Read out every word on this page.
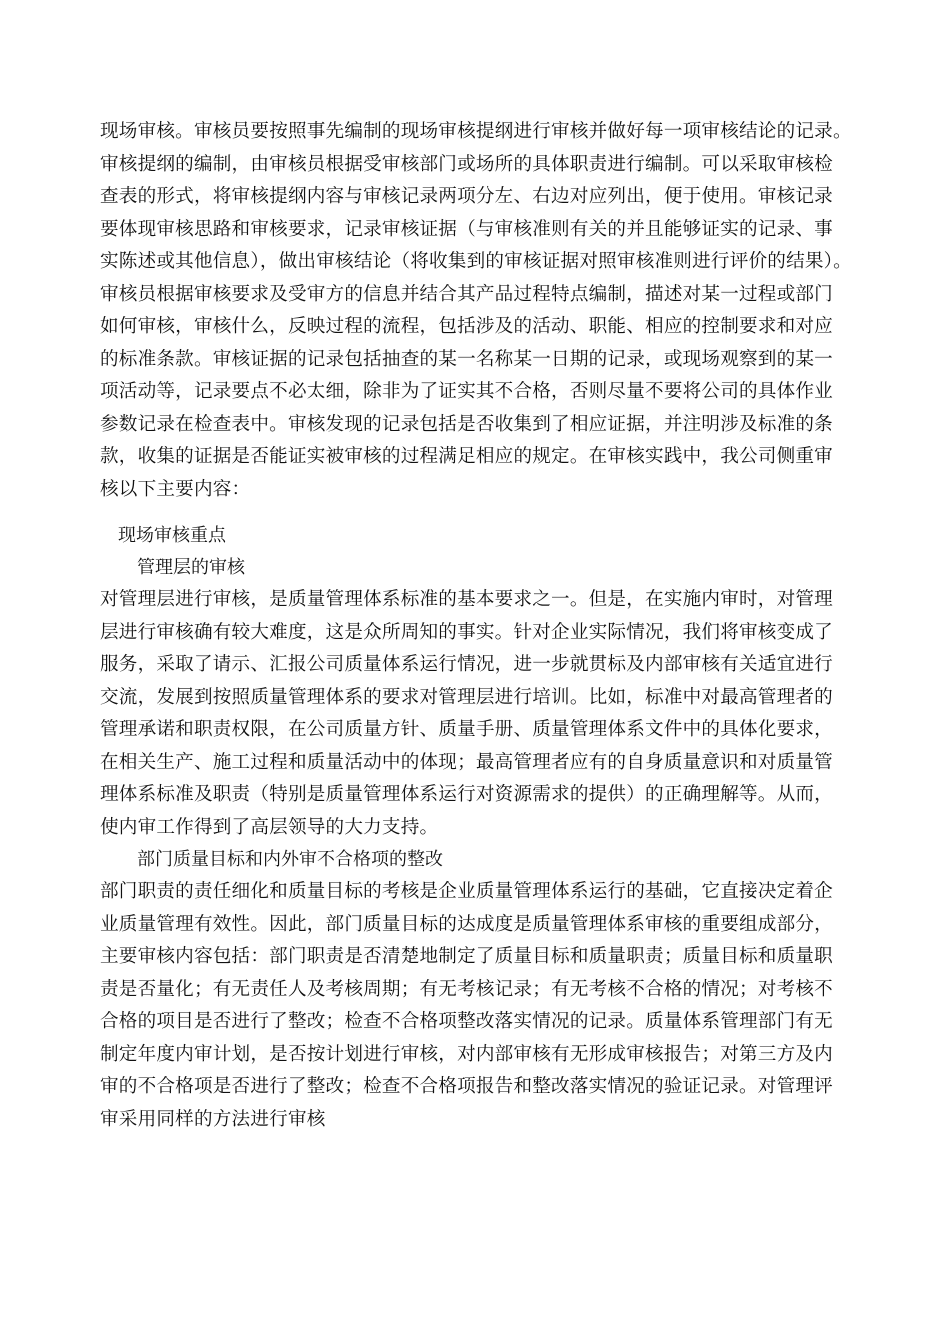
现场审核。审核员要按照事先编制的现场审核提纲进行审核并做好每一项审核结论的记录。
审核提纲的编制，由审核员根据受审核部门或场所的具体职责进行编制。可以采取审核检
查表的形式，将审核提纲内容与审核记录两项分左、右边对应列出，便于使用。审核记录
要体现审核思路和审核要求，记录审核证据（与审核准则有关的并且能够证实的记录、事
实陈述或其他信息），做出审核结论（将收集到的审核证据对照审核准则进行评价的结果）。
审核员根据审核要求及受审方的信息并结合其产品过程特点编制，描述对某一过程或部门
如何审核，审核什么，反映过程的流程，包括涉及的活动、职能、相应的控制要求和对应
的标准条款。审核证据的记录包括抽查的某一名称某一日期的记录，或现场观察到的某一
项活动等，记录要点不必太细，除非为了证实其不合格，否则尽量不要将公司的具体作业
参数记录在检查表中。审核发现的记录包括是否收集到了相应证据，并注明涉及标准的条
款，收集的证据是否能证实被审核的过程满足相应的规定。在审核实践中，我公司侧重审
核以下主要内容：
现场审核重点
管理层的审核
对管理层进行审核，是质量管理体系标准的基本要求之一。但是，在实施内审时，对管理
层进行审核确有较大难度，这是众所周知的事实。针对企业实际情况，我们将审核变成了
服务，采取了请示、汇报公司质量体系运行情况，进一步就贯标及内部审核有关适宜进行
交流，发展到按照质量管理体系的要求对管理层进行培训。比如，标准中对最高管理者的
管理承诺和职责权限，在公司质量方针、质量手册、质量管理体系文件中的具体化要求，
在相关生产、施工过程和质量活动中的体现；最高管理者应有的自身质量意识和对质量管
理体系标准及职责（特别是质量管理体系运行对资源需求的提供）的正确理解等。从而，
使内审工作得到了高层领导的大力支持。
部门质量目标和内外审不合格项的整改
部门职责的责任细化和质量目标的考核是企业质量管理体系运行的基础，它直接决定着企
业质量管理有效性。因此，部门质量目标的达成度是质量管理体系审核的重要组成部分，
主要审核内容包括：部门职责是否清楚地制定了质量目标和质量职责；质量目标和质量职
责是否量化；有无责任人及考核周期；有无考核记录；有无考核不合格的情况；对考核不
合格的项目是否进行了整改；检查不合格项整改落实情况的记录。质量体系管理部门有无
制定年度内审计划，是否按计划进行审核，对内部审核有无形成审核报告；对第三方及内
审的不合格项是否进行了整改；检查不合格项报告和整改落实情况的验证记录。对管理评
审采用同样的方法进行审核
